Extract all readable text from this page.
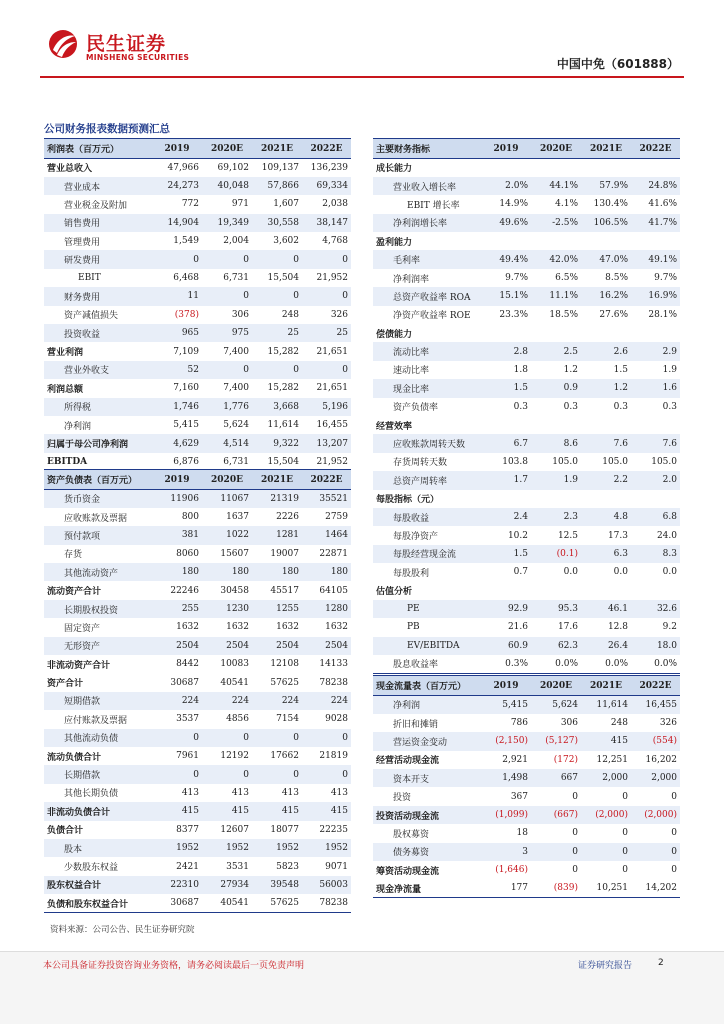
民生证券
MINSHENG SECURITIES	中国中免（601888）
公司财务报表数据预测汇总
利润表（百万元）	2019	2020E	2021E	2022E
营业总收入	47,966	69,102	109,137	136,239
营业成本	24,273	40,048	57,866	69,334
营业税金及附加	772	971	1,607	2,038
销售费用	14,904	19,349	30,558	38,147
管理费用	1,549	2,004	3,602	4,768
研发费用	0	0	0	0
EBIT	6,468	6,731	15,504	21,952
财务费用	11	0	0	0
资产减值损失	(378)	306	248	326
投资收益	965	975	25	25
营业利润	7,109	7,400	15,282	21,651
营业外收支	52	0	0	0
利润总额	7,160	7,400	15,282	21,651
所得税	1,746	1,776	3,668	5,196
净利润	5,415	5,624	11,614	16,455
归属于母公司净利润	4,629	4,514	9,322	13,207
EBITDA	6,876	6,731	15,504	21,952
资产负债表（百万元）	2019	2020E	2021E	2022E
货币资金	11906	11067	21319	35521
应收账款及票据	800	1637	2226	2759
预付款项	381	1022	1281	1464
存货	8060	15607	19007	22871
其他流动资产	180	180	180	180
流动资产合计	22246	30458	45517	64105
长期股权投资	255	1230	1255	1280
固定资产	1632	1632	1632	1632
无形资产	2504	2504	2504	2504
非流动资产合计	8442	10083	12108	14133
资产合计	30687	40541	57625	78238
短期借款	224	224	224	224
应付账款及票据	3537	4856	7154	9028
其他流动负债	0	0	0	0
流动负债合计	7961	12192	17662	21819
长期借款	0	0	0	0
其他长期负债	413	413	413	413
非流动负债合计	415	415	415	415
负债合计	8377	12607	18077	22235
股本	1952	1952	1952	1952
少数股东权益	2421	3531	5823	9071
股东权益合计	22310	27934	39548	56003
负债和股东权益合计	30687	40541	57625	78238
主要财务指标	2019	2020E	2021E	2022E
成长能力				
营业收入增长率	2.0%	44.1%	57.9%	24.8%
EBIT 增长率	14.9%	4.1%	130.4%	41.6%
净利润增长率	49.6%	-2.5%	106.5%	41.7%
盈利能力				
毛利率	49.4%	42.0%	47.0%	49.1%
净利润率	9.7%	6.5%	8.5%	9.7%
总资产收益率 ROA	15.1%	11.1%	16.2%	16.9%
净资产收益率 ROE	23.3%	18.5%	27.6%	28.1%
偿债能力				
流动比率	2.8	2.5	2.6	2.9
速动比率	1.8	1.2	1.5	1.9
现金比率	1.5	0.9	1.2	1.6
资产负债率	0.3	0.3	0.3	0.3
经营效率				
应收账款周转天数	6.7	8.6	7.6	7.6
存货周转天数	103.8	105.0	105.0	105.0
总资产周转率	1.7	1.9	2.2	2.0
每股指标（元）				
每股收益	2.4	2.3	4.8	6.8
每股净资产	10.2	12.5	17.3	24.0
每股经营现金流	1.5	(0.1)	6.3	8.3
每股股利	0.7	0.0	0.0	0.0
估值分析				
PE	92.9	95.3	46.1	32.6
PB	21.6	17.6	12.8	9.2
EV/EBITDA	60.9	62.3	26.4	18.0
股息收益率	0.3%	0.0%	0.0%	0.0%
现金流量表（百万元）	2019	2020E	2021E	2022E
净利润	5,415	5,624	11,614	16,455
折旧和摊销	786	306	248	326
营运资金变动	(2,150)	(5,127)	415	(554)
经营活动现金流	2,921	(172)	12,251	16,202
资本开支	1,498	667	2,000	2,000
投资	367	0	0	0
投资活动现金流	(1,099)	(667)	(2,000)	(2,000)
股权募资	18	0	0	0
债务募资	3	0	0	0
筹资活动现金流	(1,646)	0	0	0
现金净流量	177	(839)	10,251	14,202
资料来源：公司公告、民生证券研究院
本公司具备证券投资咨询业务资格，请务必阅读最后一页免责声明	证券研究报告	2
